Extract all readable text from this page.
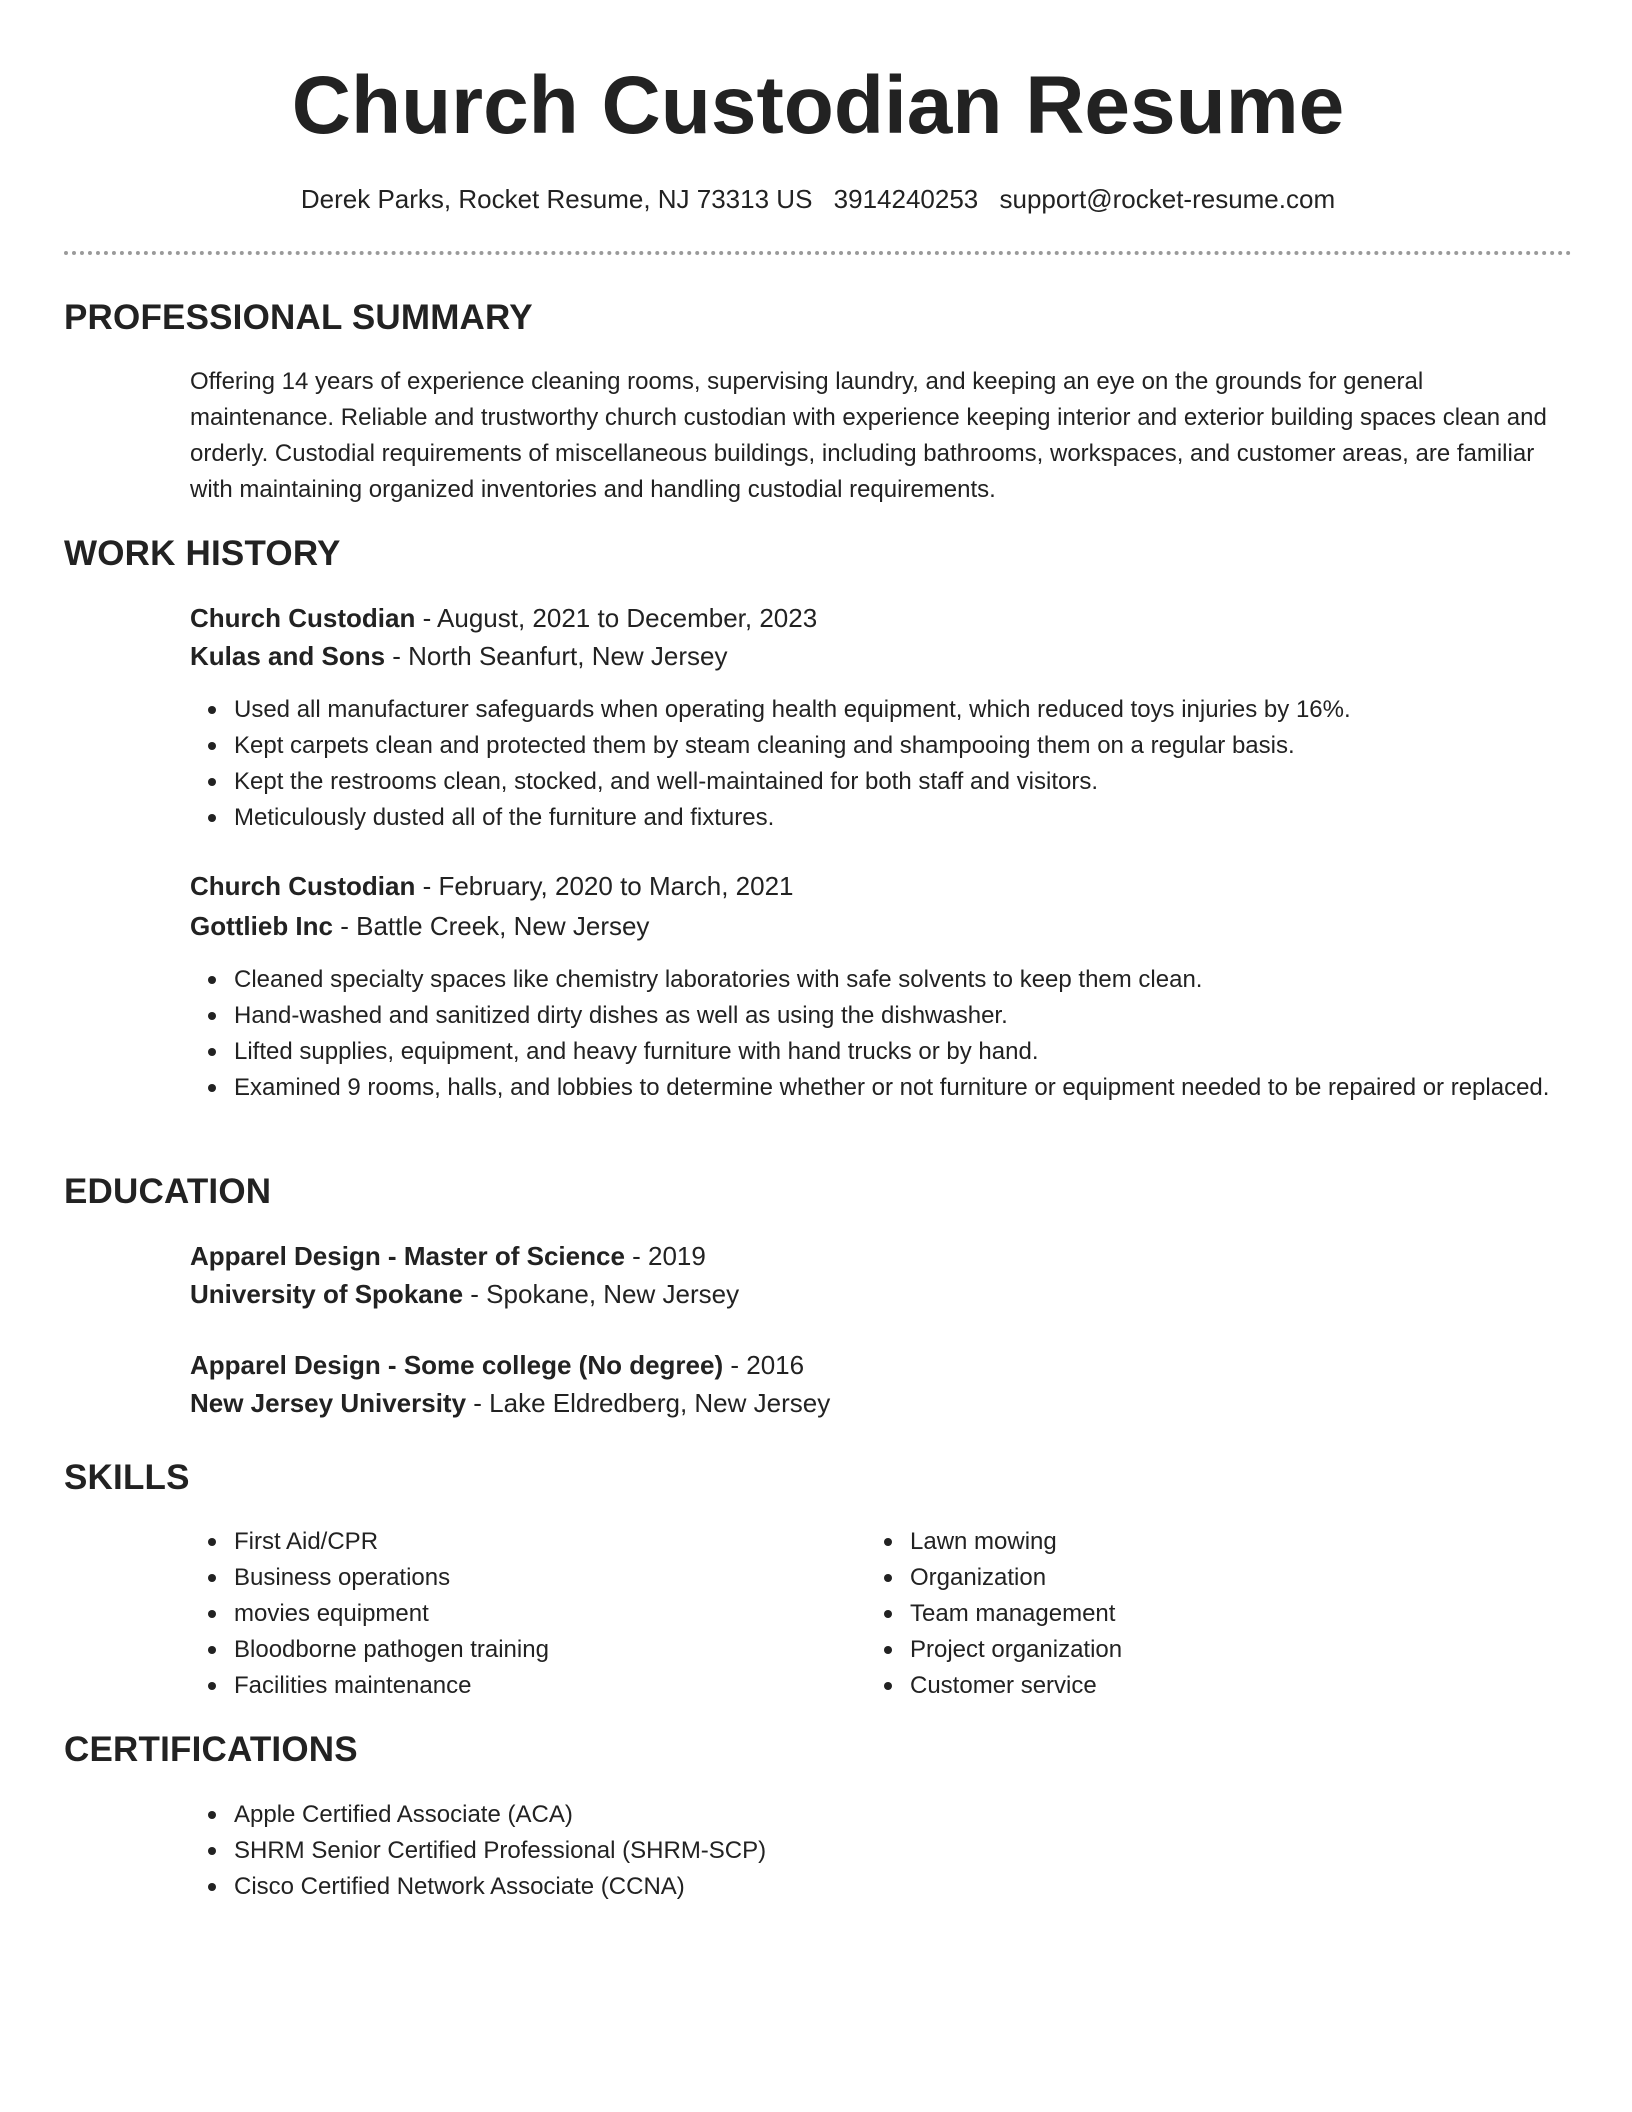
Church Custodian Resume
Derek Parks, Rocket Resume, NJ 73313 US 3914240253 support@rocket-resume.com
PROFESSIONAL SUMMARY

Offering 14 years of experience cleaning rooms, supervising laundry, and keeping an eye on the grounds for general maintenance. Reliable and trustworthy church custodian with experience keeping interior and exterior building spaces clean and orderly. Custodial requirements of miscellaneous buildings, including bathrooms, workspaces, and customer areas, are familiar with maintaining organized inventories and handling custodial requirements.

WORK HISTORY
Church Custodian - August, 2021 to December, 2023
Kulas and Sons - North Seanfurt, New Jersey
Used all manufacturer safeguards when operating health equipment, which reduced toys injuries by 16%.
Kept carpets clean and protected them by steam cleaning and shampooing them on a regular basis.
Kept the restrooms clean, stocked, and well-maintained for both staff and visitors.
Meticulously dusted all of the furniture and fixtures.
Church Custodian - February, 2020 to March, 2021
Gottlieb Inc - Battle Creek, New Jersey
Cleaned specialty spaces like chemistry laboratories with safe solvents to keep them clean.
Hand-washed and sanitized dirty dishes as well as using the dishwasher.
Lifted supplies, equipment, and heavy furniture with hand trucks or by hand.
Examined 9 rooms, halls, and lobbies to determine whether or not furniture or equipment needed to be repaired or replaced.
EDUCATION
Apparel Design - Master of Science - 2019
University of Spokane - Spokane, New Jersey
Apparel Design - Some college (No degree) - 2016
New Jersey University - Lake Eldredberg, New Jersey
SKILLS
First Aid/CPR
Business operations
movies equipment
Bloodborne pathogen training
Facilities maintenance
Lawn mowing
Organization
Team management
Project organization
Customer service
CERTIFICATIONS
Apple Certified Associate (ACA)
SHRM Senior Certified Professional (SHRM-SCP)
Cisco Certified Network Associate (CCNA)
